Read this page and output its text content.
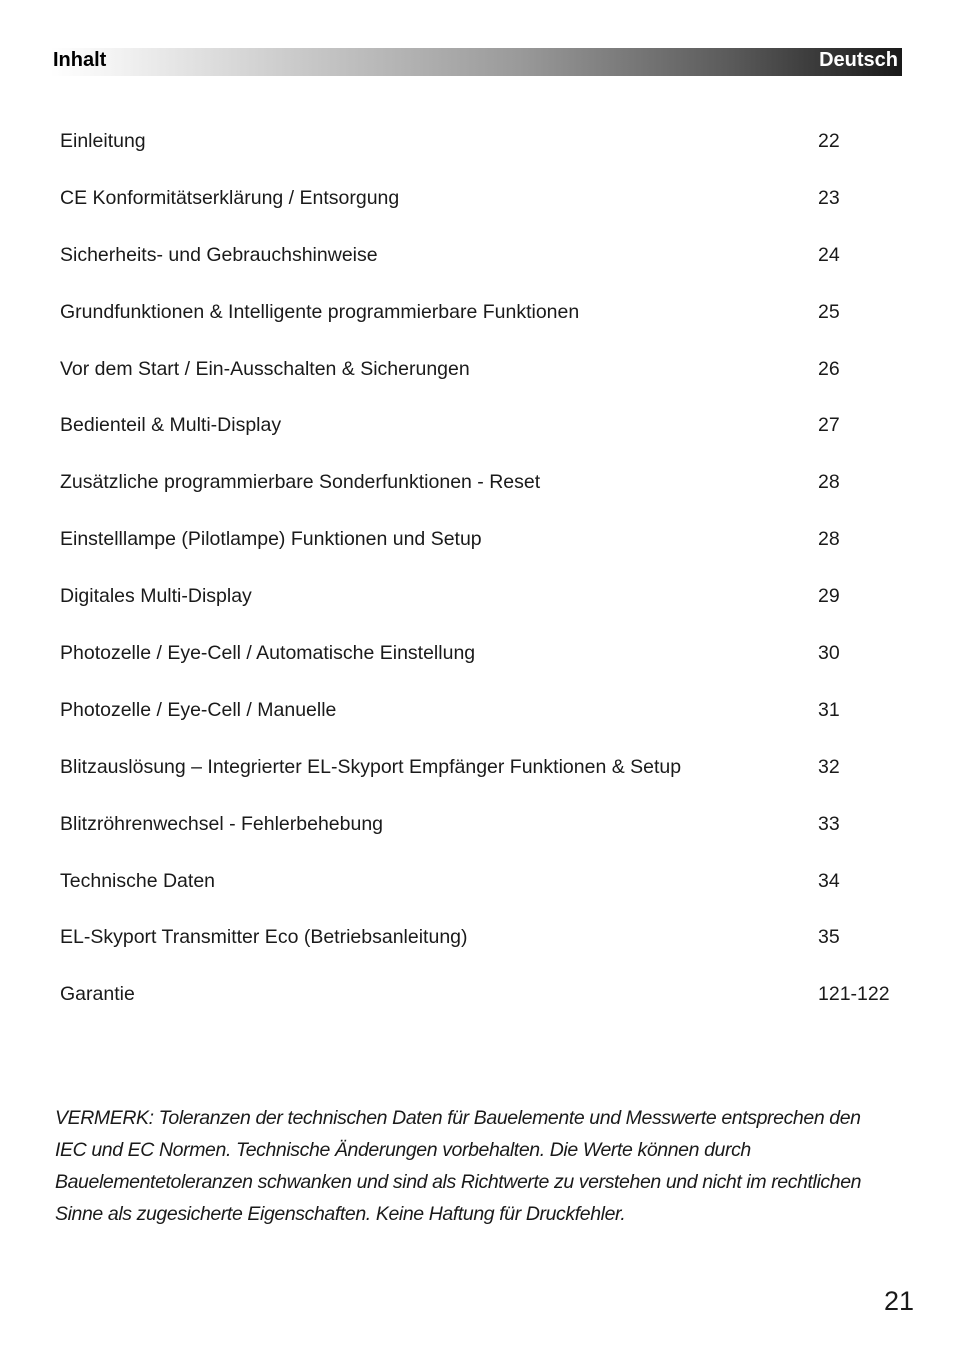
Inhalt	Deutsch
Einleitung	22
CE Konformitätserklärung / Entsorgung	23
Sicherheits- und Gebrauchshinweise	24
Grundfunktionen & Intelligente programmierbare Funktionen	25
Vor dem Start / Ein-Ausschalten & Sicherungen	26
Bedienteil & Multi-Display	27
Zusätzliche programmierbare Sonderfunktionen - Reset	28
Einstelllampe (Pilotlampe) Funktionen und Setup	28
Digitales Multi-Display	29
Photozelle / Eye-Cell / Automatische Einstellung	30
Photozelle / Eye-Cell / Manuelle	31
Blitzauslösung – Integrierter EL-Skyport Empfänger Funktionen & Setup	32
Blitzröhrenwechsel - Fehlerbehebung	33
Technische Daten	34
EL-Skyport Transmitter Eco (Betriebsanleitung)	35
Garantie	121-122

VERMERK: Toleranzen der technischen Daten für Bauelemente und Messwerte entsprechen den IEC und EC Normen. Technische Änderungen vorbehalten. Die Werte können durch Bauelementetoleranzen schwanken und sind als Richtwerte zu verstehen und nicht im rechtlichen Sinne als zugesicherte Eigenschaften. Keine Haftung für Druckfehler.

21
